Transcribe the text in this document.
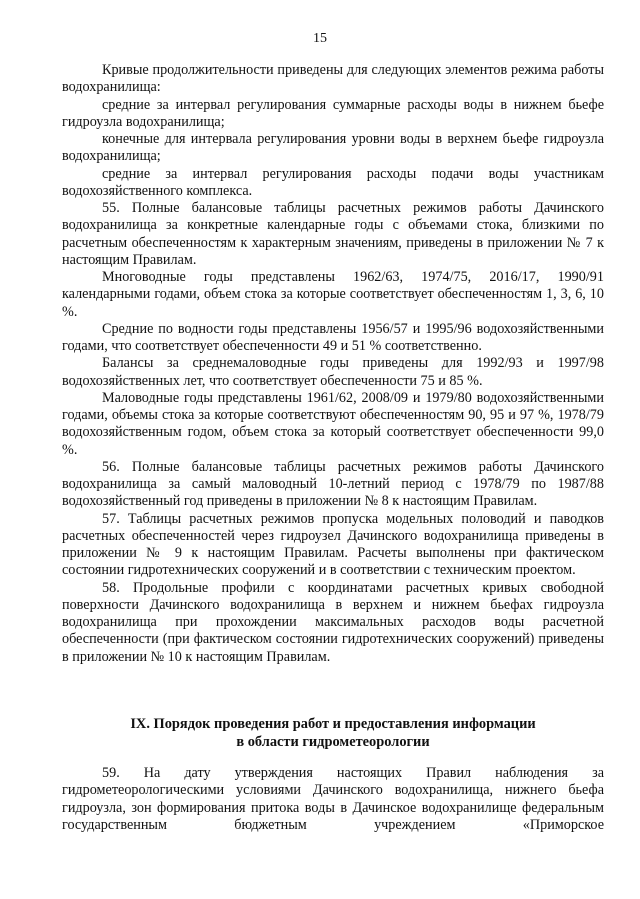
15

Кривые продолжительности приведены для следующих элементов режима работы водохранилища:

средние за интервал регулирования суммарные расходы воды в нижнем бьефе гидроузла водохранилища;

конечные для интервала регулирования уровни воды в верхнем бьефе гидроузла водохранилища;

средние за интервал регулирования расходы подачи воды участникам водохозяйственного комплекса.

55. Полные балансовые таблицы расчетных режимов работы Дачинского водохранилища за конкретные календарные годы с объемами стока, близкими по расчетным обеспеченностям к характерным значениям, приведены в приложении № 7 к настоящим Правилам.

Многоводные годы представлены 1962/63, 1974/75, 2016/17, 1990/91 календарными годами, объем стока за которые соответствует обеспеченностям 1, 3, 6, 10 %.

Средние по водности годы представлены 1956/57 и 1995/96 водохозяйственными годами, что соответствует обеспеченности 49 и 51 % соответственно.

Балансы за среднемаловодные годы приведены для 1992/93 и 1997/98 водохозяйственных лет, что соответствует обеспеченности 75 и 85 %.

Маловодные годы представлены 1961/62, 2008/09 и 1979/80 водохозяйственными годами, объемы стока за которые соответствуют обеспеченностям 90, 95 и 97 %, 1978/79 водохозяйственным годом, объем стока за который соответствует обеспеченности 99,0 %.

56. Полные балансовые таблицы расчетных режимов работы Дачинского водохранилища за самый маловодный 10-летний период с 1978/79 по 1987/88 водохозяйственный год приведены в приложении № 8 к настоящим Правилам.

57. Таблицы расчетных режимов пропуска модельных половодий и паводков расчетных обеспеченностей через гидроузел Дачинского водохранилища приведены в приложении № 9 к настоящим Правилам. Расчеты выполнены при фактическом состоянии гидротехнических сооружений и в соответствии с техническим проектом.

58. Продольные профили с координатами расчетных кривых свободной поверхности Дачинского водохранилища в верхнем и нижнем бьефах гидроузла водохранилища при прохождении максимальных расходов воды расчетной обеспеченности (при фактическом состоянии гидротехнических сооружений) приведены в приложении № 10 к настоящим Правилам.

IX. Порядок проведения работ и предоставления информации
в области гидрометеорологии

59. На дату утверждения настоящих Правил наблюдения за гидрометеорологическими условиями Дачинского водохранилища, нижнего бьефа гидроузла, зон формирования притока воды в Дачинское водохранилище федеральным государственным бюджетным учреждением «Приморское
